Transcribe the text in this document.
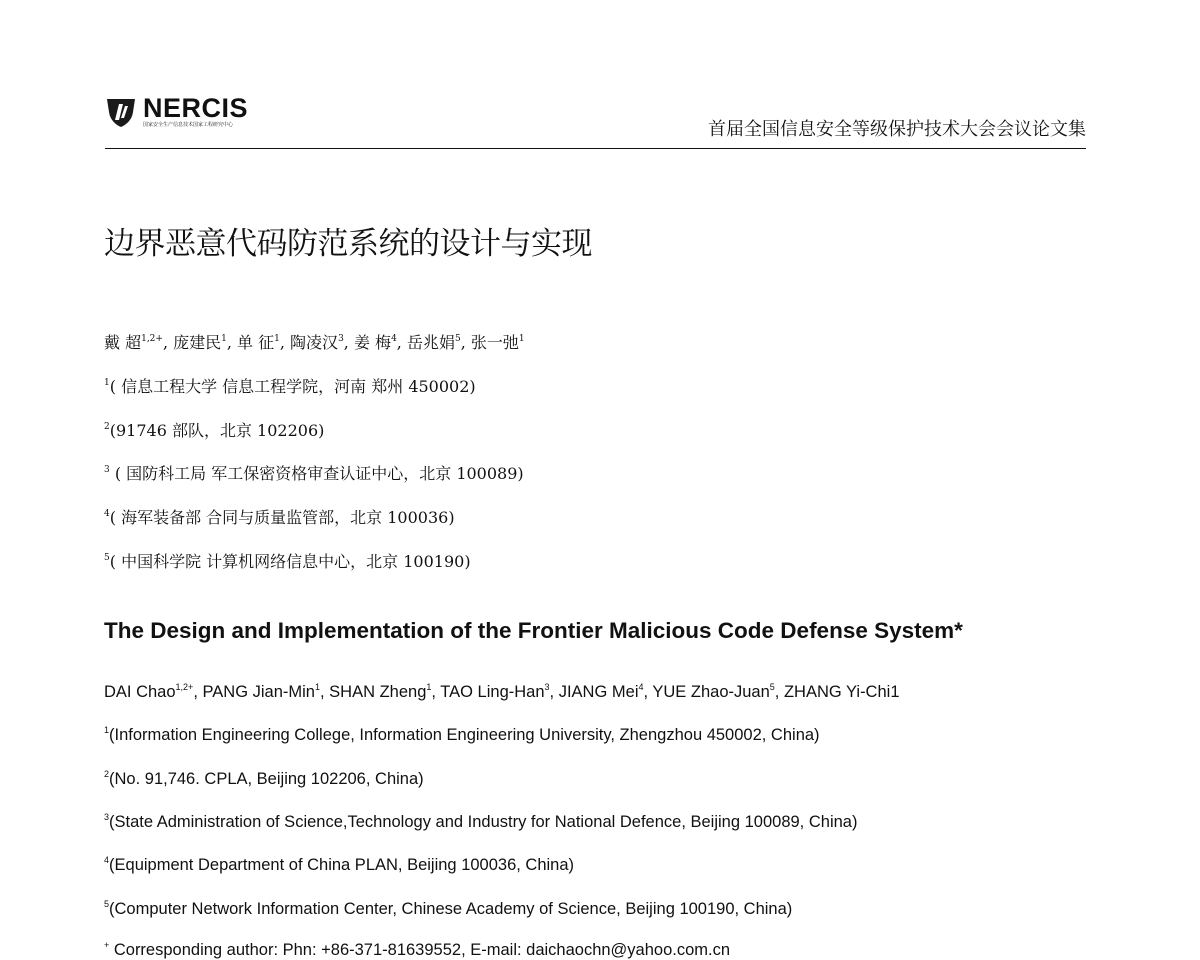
NERCIS
国家安全生产信息技术国家工程研究中心	首届全国信息安全等级保护技术大会会议论文集
边界恶意代码防范系统的设计与实现
戴 超$^{1,2+}$, 庞建民$^1$, 单 征$^1$, 陶凌汉$^3$, 姜 梅$^4$, 岳兆娟$^5$, 张一弛$^1$
$^1$( 信息工程大学 信息工程学院，河南 郑州 450002)
$^2$(91746 部队，北京 102206)
$^3$ ( 国防科工局 军工保密资格审查认证中心，北京 100089)
$^4$( 海军装备部 合同与质量监管部，北京 100036)
$^5$( 中国科学院 计算机网络信息中心，北京 100190)
The Design and Implementation of the Frontier Malicious Code Defense System*
DAI Chao$^{1,2+}$, PANG Jian-Min$^1$, SHAN Zheng$^1$, TAO Ling-Han$^3$, JIANG Mei$^4$, YUE Zhao-Juan$^5$, ZHANG Yi-Chi1
$^1$(Information Engineering College, Information Engineering University, Zhengzhou 450002, China)
$^2$(No. 91,746. CPLA, Beijing 102206, China)
$^3$(State Administration of Science,Technology and Industry for National Defence, Beijing 100089, China)
$^4$(Equipment Department of China PLAN, Beijing 100036, China)
$^5$(Computer Network Information Center, Chinese Academy of Science, Beijing 100190, China)
+ Corresponding author: Phn: +86-371-81639552, E-mail: daichaochn@yahoo.com.cn
